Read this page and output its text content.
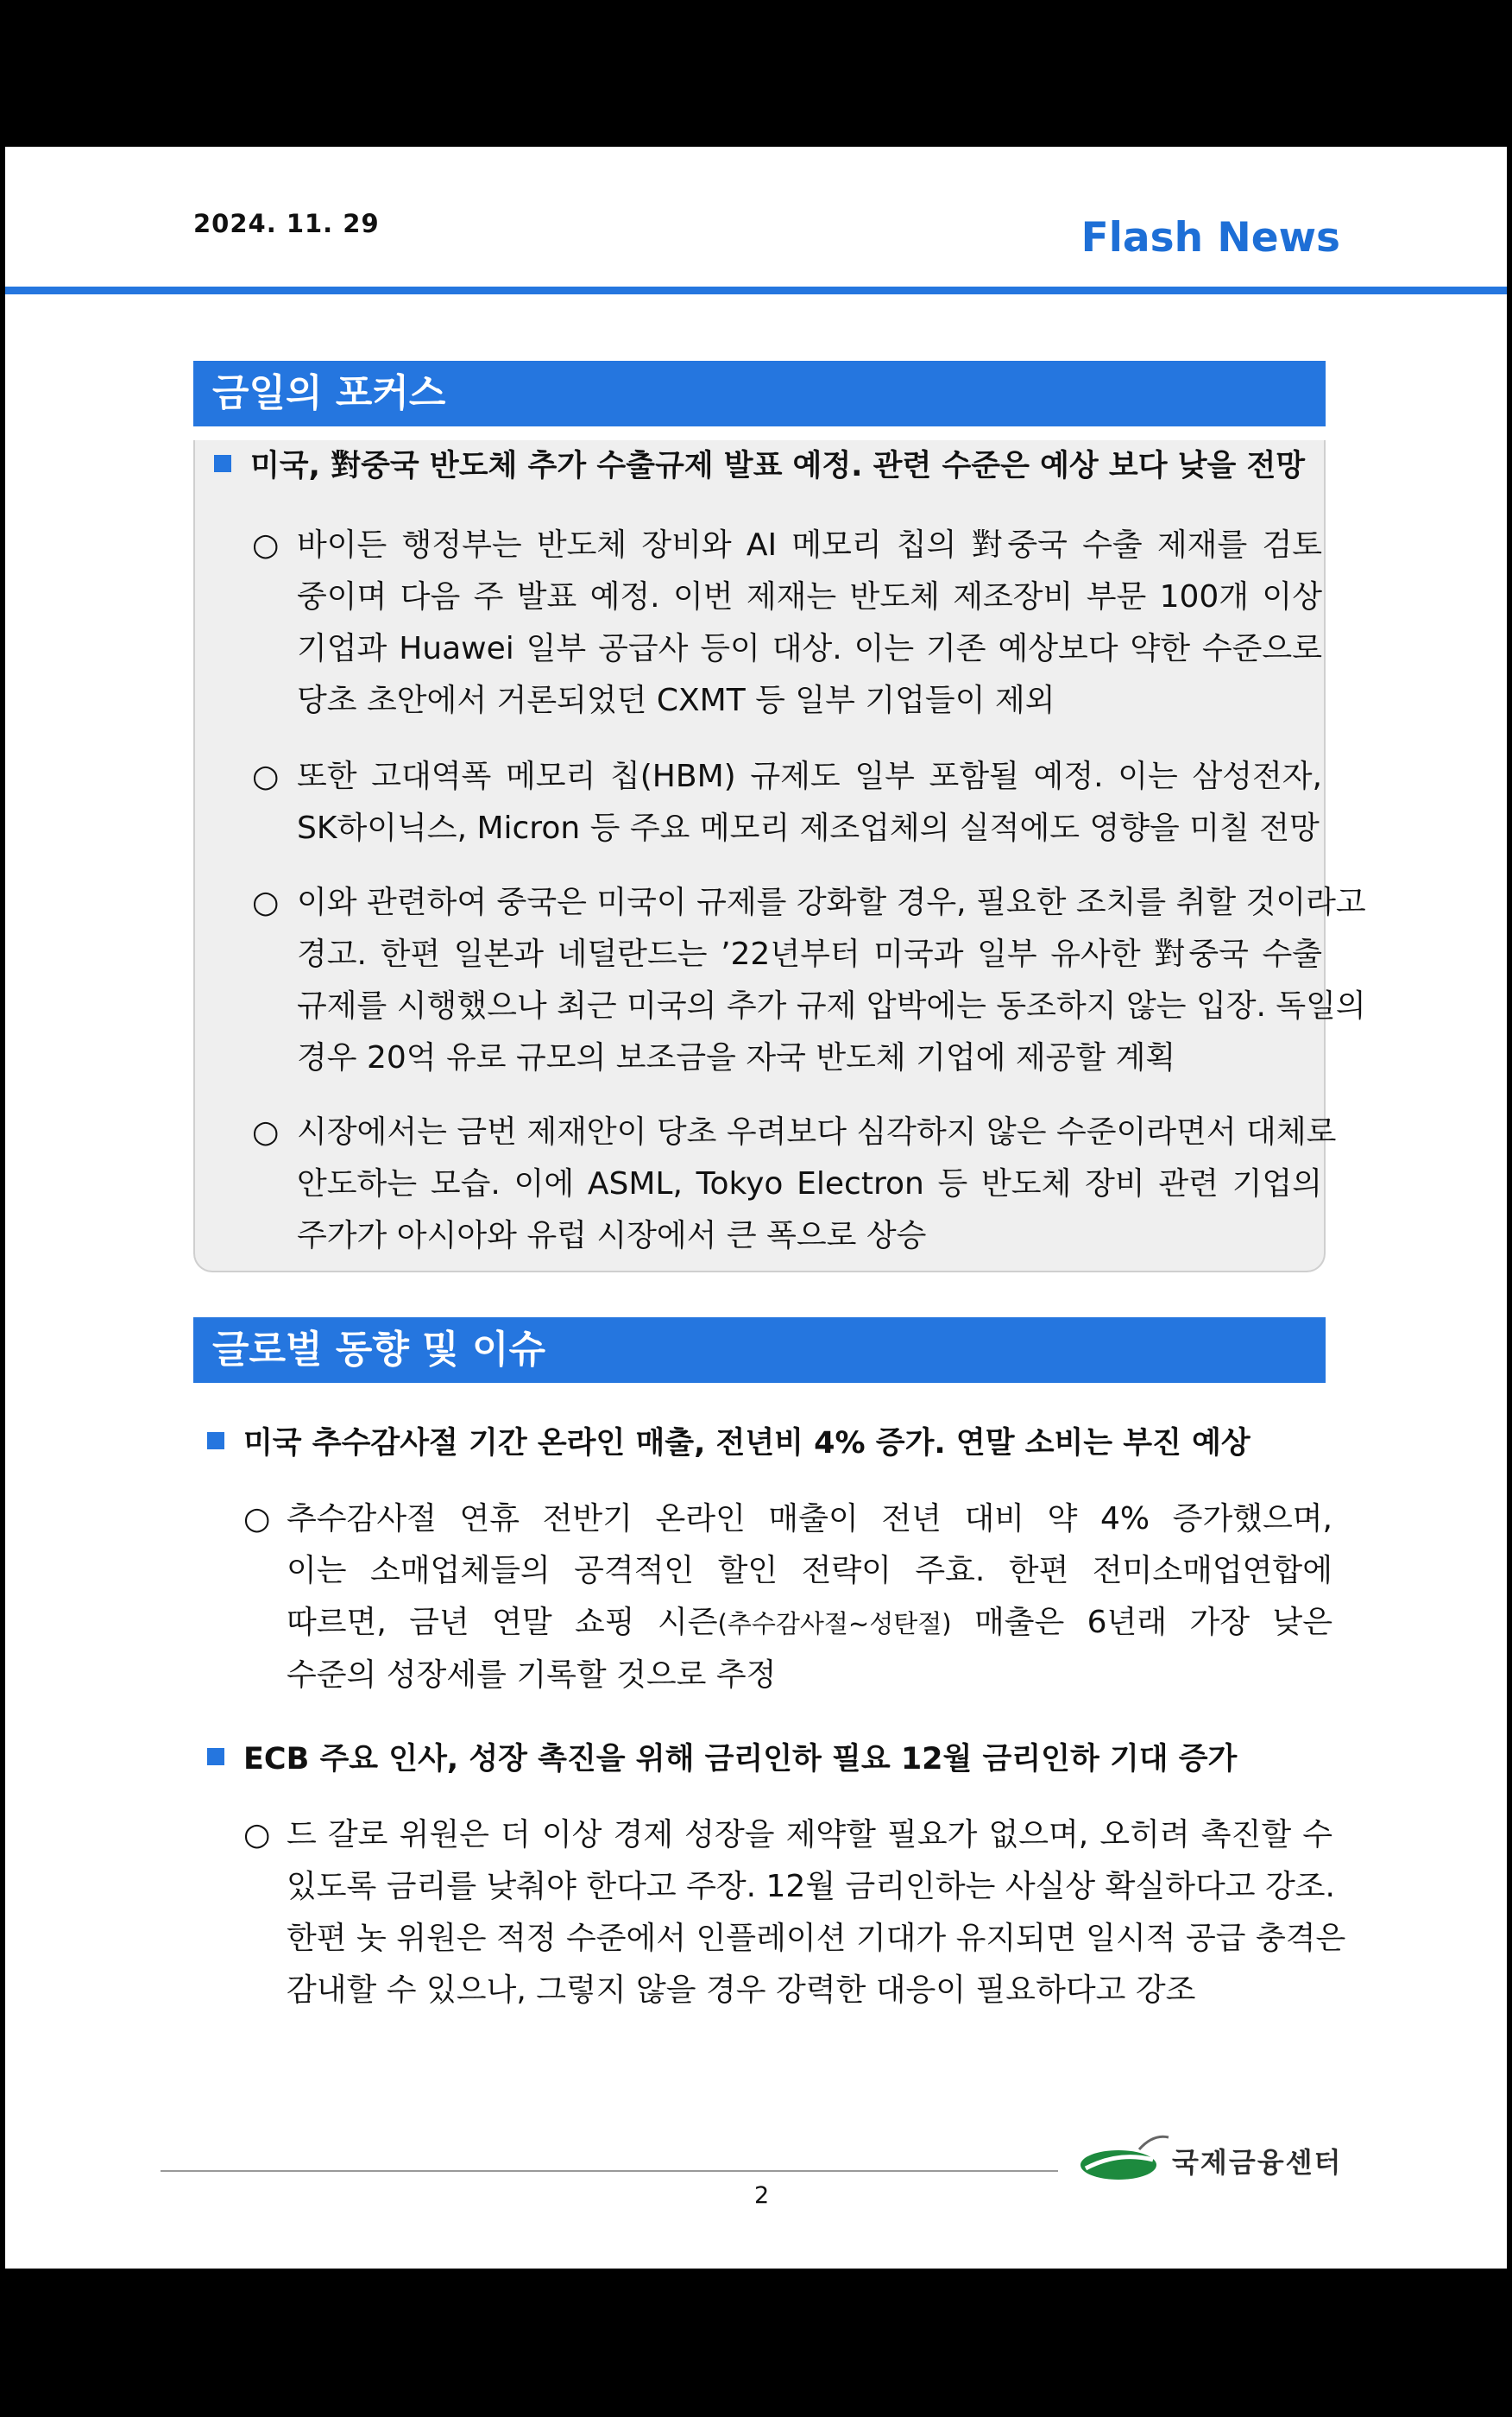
2024. 11. 29	Flash News
금일의 포커스
미국, 對중국 반도체 추가 수출규제 발표 예정. 관련 수준은 예상 보다 낮을 전망
○ 바이든 행정부는 반도체 장비와 AI 메모리 칩의 對중국 수출 제재를 검토
중이며 다음 주 발표 예정. 이번 제재는 반도체 제조장비 부문 100개 이상
기업과 Huawei 일부 공급사 등이 대상. 이는 기존 예상보다 약한 수준으로
당초 초안에서 거론되었던 CXMT 등 일부 기업들이 제외
○ 또한 고대역폭 메모리 칩(HBM) 규제도 일부 포함될 예정. 이는 삼성전자,
SK하이닉스, Micron 등 주요 메모리 제조업체의 실적에도 영향을 미칠 전망
○ 이와 관련하여 중국은 미국이 규제를 강화할 경우, 필요한 조치를 취할 것이라고
경고. 한편 일본과 네덜란드는 ’22년부터 미국과 일부 유사한 對중국 수출
규제를 시행했으나 최근 미국의 추가 규제 압박에는 동조하지 않는 입장. 독일의
경우 20억 유로 규모의 보조금을 자국 반도체 기업에 제공할 계획
○ 시장에서는 금번 제재안이 당초 우려보다 심각하지 않은 수준이라면서 대체로
안도하는 모습. 이에 ASML, Tokyo Electron 등 반도체 장비 관련 기업의
주가가 아시아와 유럽 시장에서 큰 폭으로 상승
글로벌 동향 및 이슈
미국 추수감사절 기간 온라인 매출, 전년비 4% 증가. 연말 소비는 부진 예상
○ 추수감사절 연휴 전반기 온라인 매출이 전년 대비 약 4% 증가했으며,
이는 소매업체들의 공격적인 할인 전략이 주효. 한편 전미소매업연합에
따르면, 금년 연말 쇼핑 시즌(추수감사절~성탄절) 매출은 6년래 가장 낮은
수준의 성장세를 기록할 것으로 추정
ECB 주요 인사, 성장 촉진을 위해 금리인하 필요 12월 금리인하 기대 증가
○ 드 갈로 위원은 더 이상 경제 성장을 제약할 필요가 없으며, 오히려 촉진할 수
있도록 금리를 낮춰야 한다고 주장. 12월 금리인하는 사실상 확실하다고 강조.
한편 놋 위원은 적정 수준에서 인플레이션 기대가 유지되면 일시적 공급 충격은
감내할 수 있으나, 그렇지 않을 경우 강력한 대응이 필요하다고 강조
2
국제금융센터
